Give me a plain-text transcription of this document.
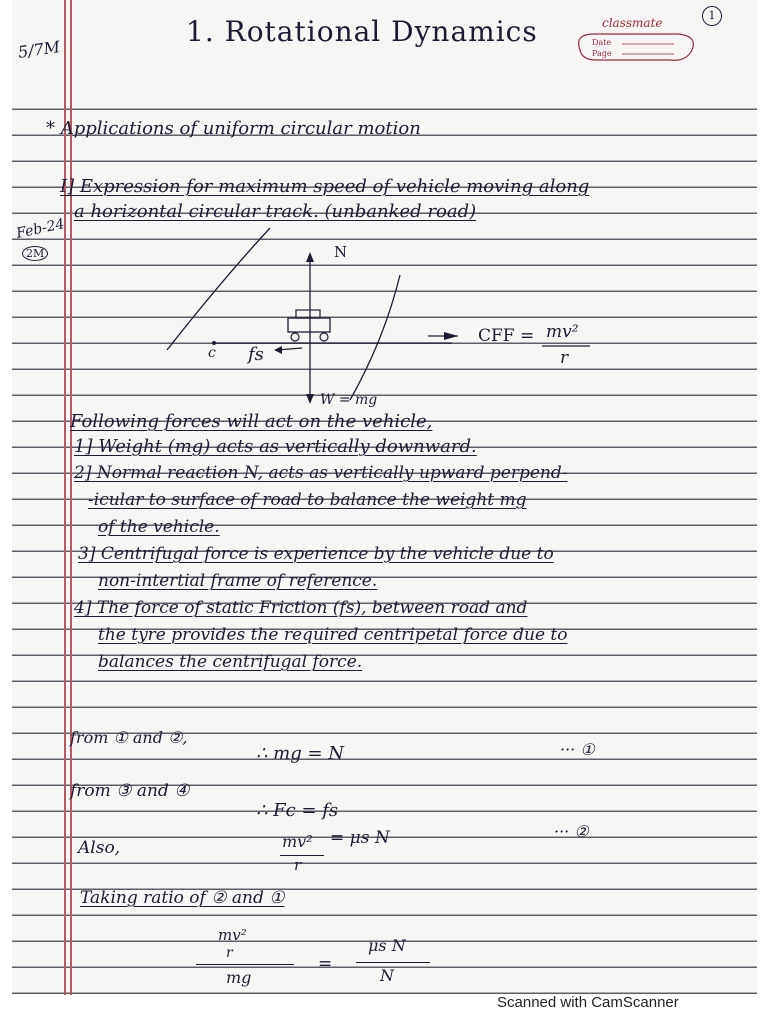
5/7M
1. Rotational Dynamics	classmate
Date
Page
1
* Applications of uniform circular motion
Feb-24
2M
I] Expression for maximum speed of vehicle moving along
a horizontal circular track. (unbanked road)
N
W = mg
fs
c
CFF = mv²
r
Following forces will act on the vehicle,
1] Weight (mg) acts as vertically downward.
2] Normal reaction N, acts as vertically upward perpend-
-icular to surface of road to balance the weight mg
of the vehicle.
3] Centrifugal force is experience by the vehicle due to
non-intertial frame of reference.
4] The force of static Friction (fs), between road and
the tyre provides the required centripetal force due to
balances the centrifugal force.
from ① and ②,
∴ mg = N	··· ①
from ③ and ④
∴ Fc = fs
Also,	mv²
r
= μs N	··· ②
Taking ratio of ② and ①
mv²
r
mg
=
μs N
N
Scanned with CamScanner
